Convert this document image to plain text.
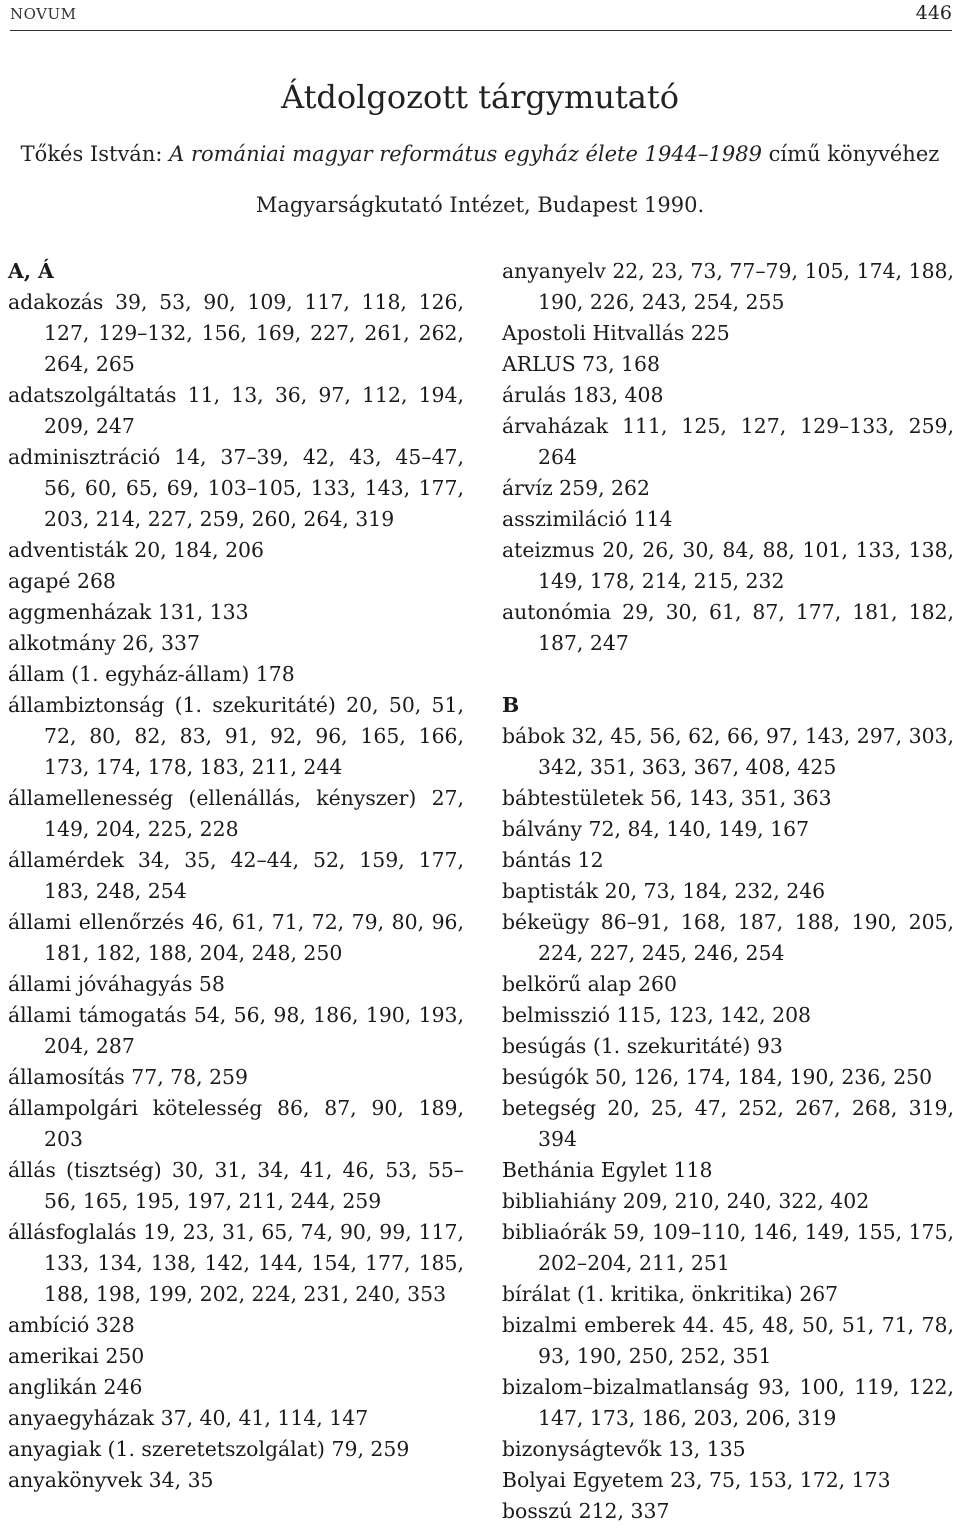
NOVUM	446
Átdolgozott tárgymutató
Tőkés István: A romániai magyar református egyház élete 1944–1989 című könyvéhez
Magyarságkutató Intézet, Budapest 1990.
A, Á
adakozás 39, 53, 90, 109, 117, 118, 126, 127, 129–132, 156, 169, 227, 261, 262, 264, 265
adatszolgáltatás 11, 13, 36, 97, 112, 194, 209, 247
adminisztráció 14, 37–39, 42, 43, 45–47, 56, 60, 65, 69, 103–105, 133, 143, 177, 203, 214, 227, 259, 260, 264, 319
adventisták 20, 184, 206
agapé 268
aggmenházak 131, 133
alkotmány 26, 337
állam (1. egyház-állam) 178
állambiztonság (1. szekuritáté) 20, 50, 51, 72, 80, 82, 83, 91, 92, 96, 165, 166, 173, 174, 178, 183, 211, 244
államellenesség (ellenállás, kényszer) 27, 149, 204, 225, 228
államérdek 34, 35, 42–44, 52, 159, 177, 183, 248, 254
állami ellenőrzés 46, 61, 71, 72, 79, 80, 96, 181, 182, 188, 204, 248, 250
állami jóváhagyás 58
állami támogatás 54, 56, 98, 186, 190, 193, 204, 287
államosítás 77, 78, 259
állampolgári kötelesség 86, 87, 90, 189, 203
állás (tisztség) 30, 31, 34, 41, 46, 53, 55–56, 165, 195, 197, 211, 244, 259
állásfoglalás 19, 23, 31, 65, 74, 90, 99, 117, 133, 134, 138, 142, 144, 154, 177, 185, 188, 198, 199, 202, 224, 231, 240, 353
ambíció 328
amerikai 250
anglikán 246
anyaegyházak 37, 40, 41, 114, 147
anyagiak (1. szeretetszolgálat) 79, 259
anyakönyvek 34, 35
anyanyelv 22, 23, 73, 77–79, 105, 174, 188, 190, 226, 243, 254, 255
Apostoli Hitvallás 225
ARLUS 73, 168
árulás 183, 408
árvaházak 111, 125, 127, 129–133, 259, 264
árvíz 259, 262
asszimiláció 114
ateizmus 20, 26, 30, 84, 88, 101, 133, 138, 149, 178, 214, 215, 232
autonómia 29, 30, 61, 87, 177, 181, 182, 187, 247
B
bábok 32, 45, 56, 62, 66, 97, 143, 297, 303, 342, 351, 363, 367, 408, 425
bábtestületek 56, 143, 351, 363
bálvány 72, 84, 140, 149, 167
bántás 12
baptisták 20, 73, 184, 232, 246
békeügy 86–91, 168, 187, 188, 190, 205, 224, 227, 245, 246, 254
belkörű alap 260
belmisszió 115, 123, 142, 208
besúgás (1. szekuritáté) 93
besúgók 50, 126, 174, 184, 190, 236, 250
betegség 20, 25, 47, 252, 267, 268, 319, 394
Bethánia Egylet 118
bibliahiány 209, 210, 240, 322, 402
bibliaórák 59, 109–110, 146, 149, 155, 175, 202–204, 211, 251
bírálat (1. kritika, önkritika) 267
bizalmi emberek 44. 45, 48, 50, 51, 71, 78, 93, 190, 250, 252, 351
bizalom–bizalmatlanság 93, 100, 119, 122, 147, 173, 186, 203, 206, 319
bizonyságtevők 13, 135
Bolyai Egyetem 23, 75, 153, 172, 173
bosszú 212, 337
